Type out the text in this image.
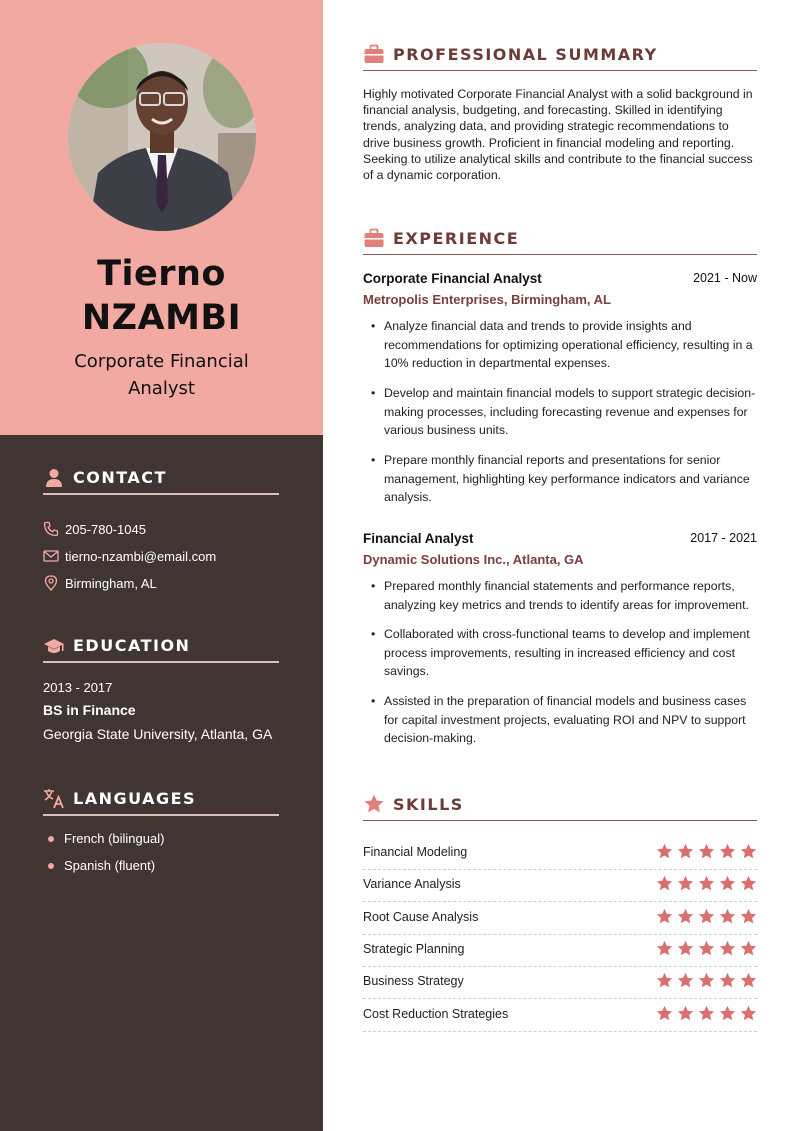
Tierno
NZAMBI
Corporate Financial Analyst
CONTACT
205-780-1045
tierno-nzambi@email.com
Birmingham, AL
EDUCATION
2013 - 2017
BS in Finance
Georgia State University, Atlanta, GA
LANGUAGES
French (bilingual)
Spanish (fluent)
PROFESSIONAL SUMMARY
Highly motivated Corporate Financial Analyst with a solid background in financial analysis, budgeting, and forecasting. Skilled in identifying trends, analyzing data, and providing strategic recommendations to drive business growth. Proficient in financial modeling and reporting. Seeking to utilize analytical skills and contribute to the financial success of a dynamic corporation.
EXPERIENCE
Corporate Financial Analyst	2021 - Now
Metropolis Enterprises, Birmingham, AL
• Analyze financial data and trends to provide insights and recommendations for optimizing operational efficiency, resulting in a 10% reduction in departmental expenses.
• Develop and maintain financial models to support strategic decision-making processes, including forecasting revenue and expenses for various business units.
• Prepare monthly financial reports and presentations for senior management, highlighting key performance indicators and variance analysis.
Financial Analyst	2017 - 2021
Dynamic Solutions Inc., Atlanta, GA
• Prepared monthly financial statements and performance reports, analyzing key metrics and trends to identify areas for improvement.
• Collaborated with cross-functional teams to develop and implement process improvements, resulting in increased efficiency and cost savings.
• Assisted in the preparation of financial models and business cases for capital investment projects, evaluating ROI and NPV to support decision-making.
SKILLS
Financial Modeling
Variance Analysis
Root Cause Analysis
Strategic Planning
Business Strategy
Cost Reduction Strategies
